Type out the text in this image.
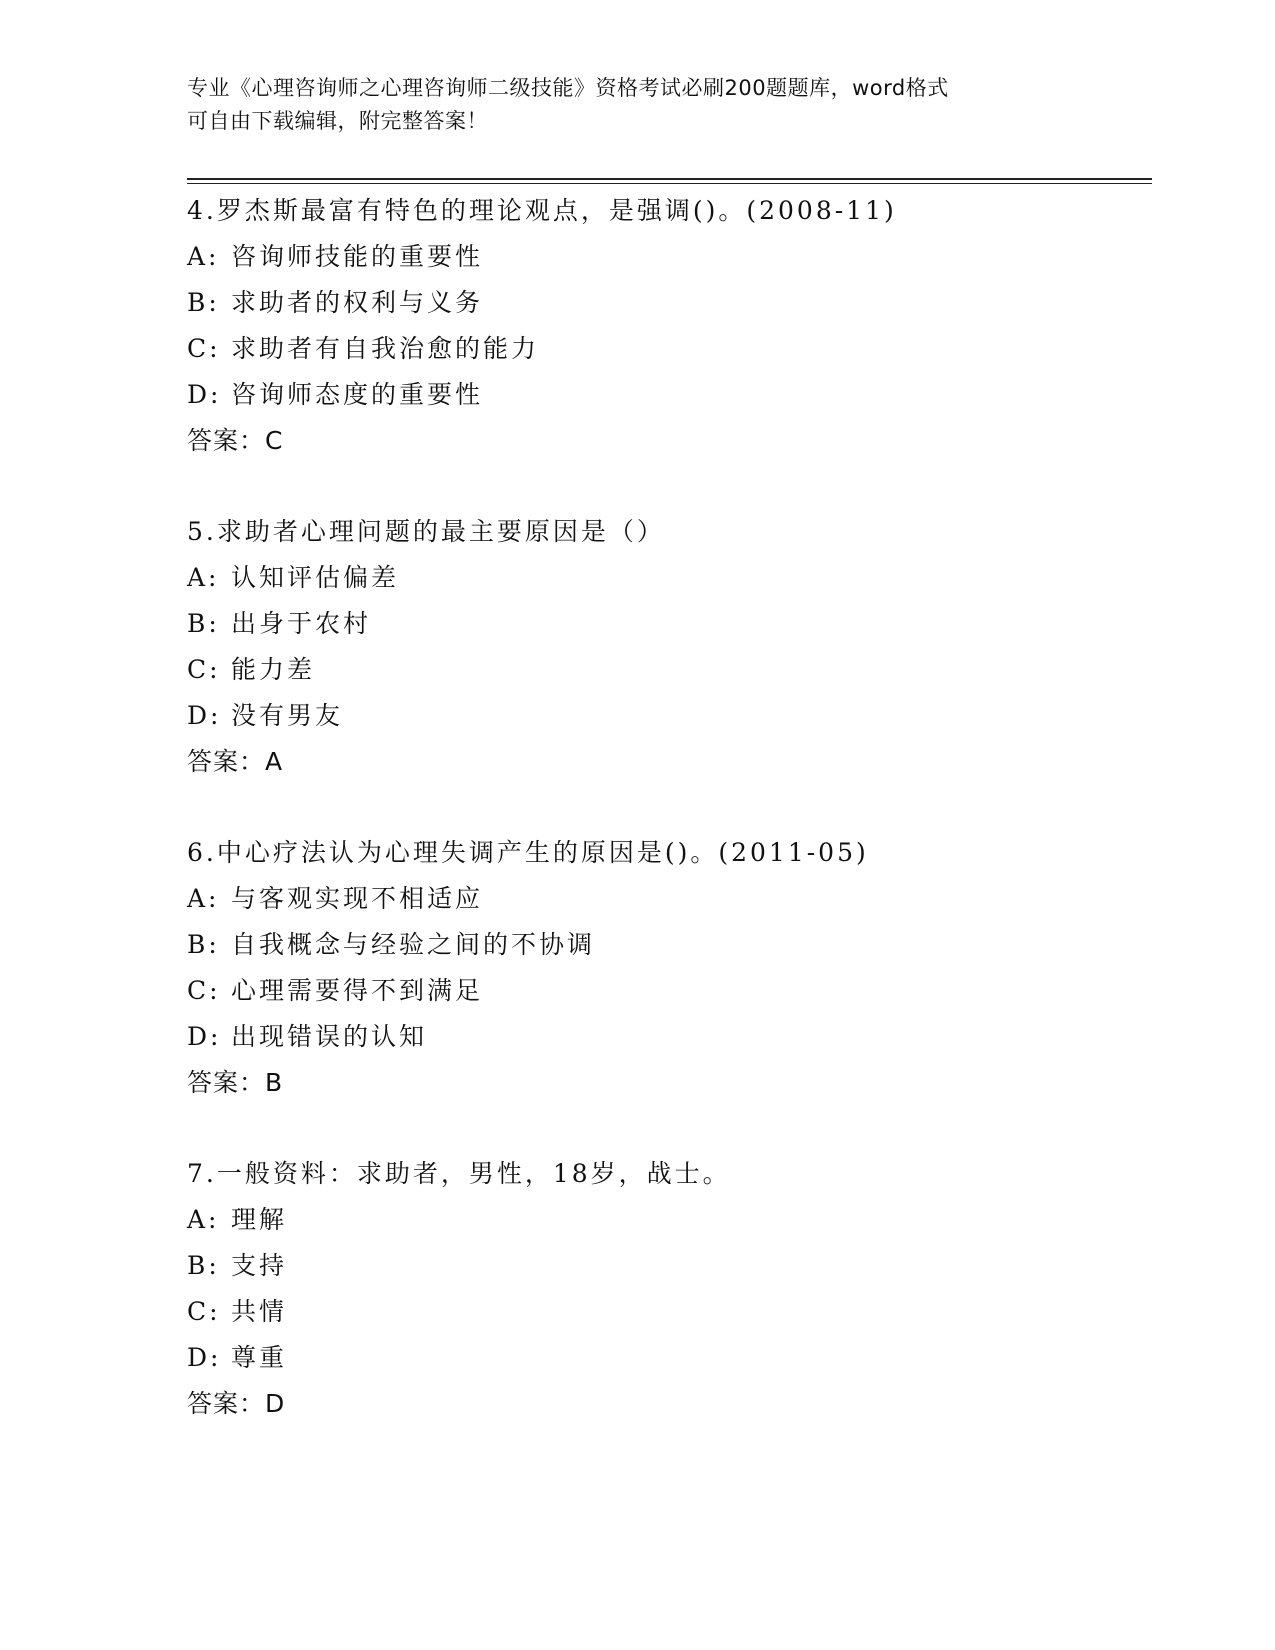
专业《心理咨询师之心理咨询师二级技能》资格考试必刷200题题库，word格式
可自由下载编辑，附完整答案！
4.罗杰斯最富有特色的理论观点，是强调()。(2008-11)
A: 咨询师技能的重要性
B: 求助者的权利与义务
C: 求助者有自我治愈的能力
D: 咨询师态度的重要性
答案：C
5.求助者心理问题的最主要原因是（）
A: 认知评估偏差
B: 出身于农村
C: 能力差
D: 没有男友
答案：A
6.中心疗法认为心理失调产生的原因是()。(2011-05)
A: 与客观实现不相适应
B: 自我概念与经验之间的不协调
C: 心理需要得不到满足
D: 出现错误的认知
答案：B
7.一般资料：求助者，男性，18岁，战士。
A: 理解
B: 支持
C: 共情
D: 尊重
答案：D
